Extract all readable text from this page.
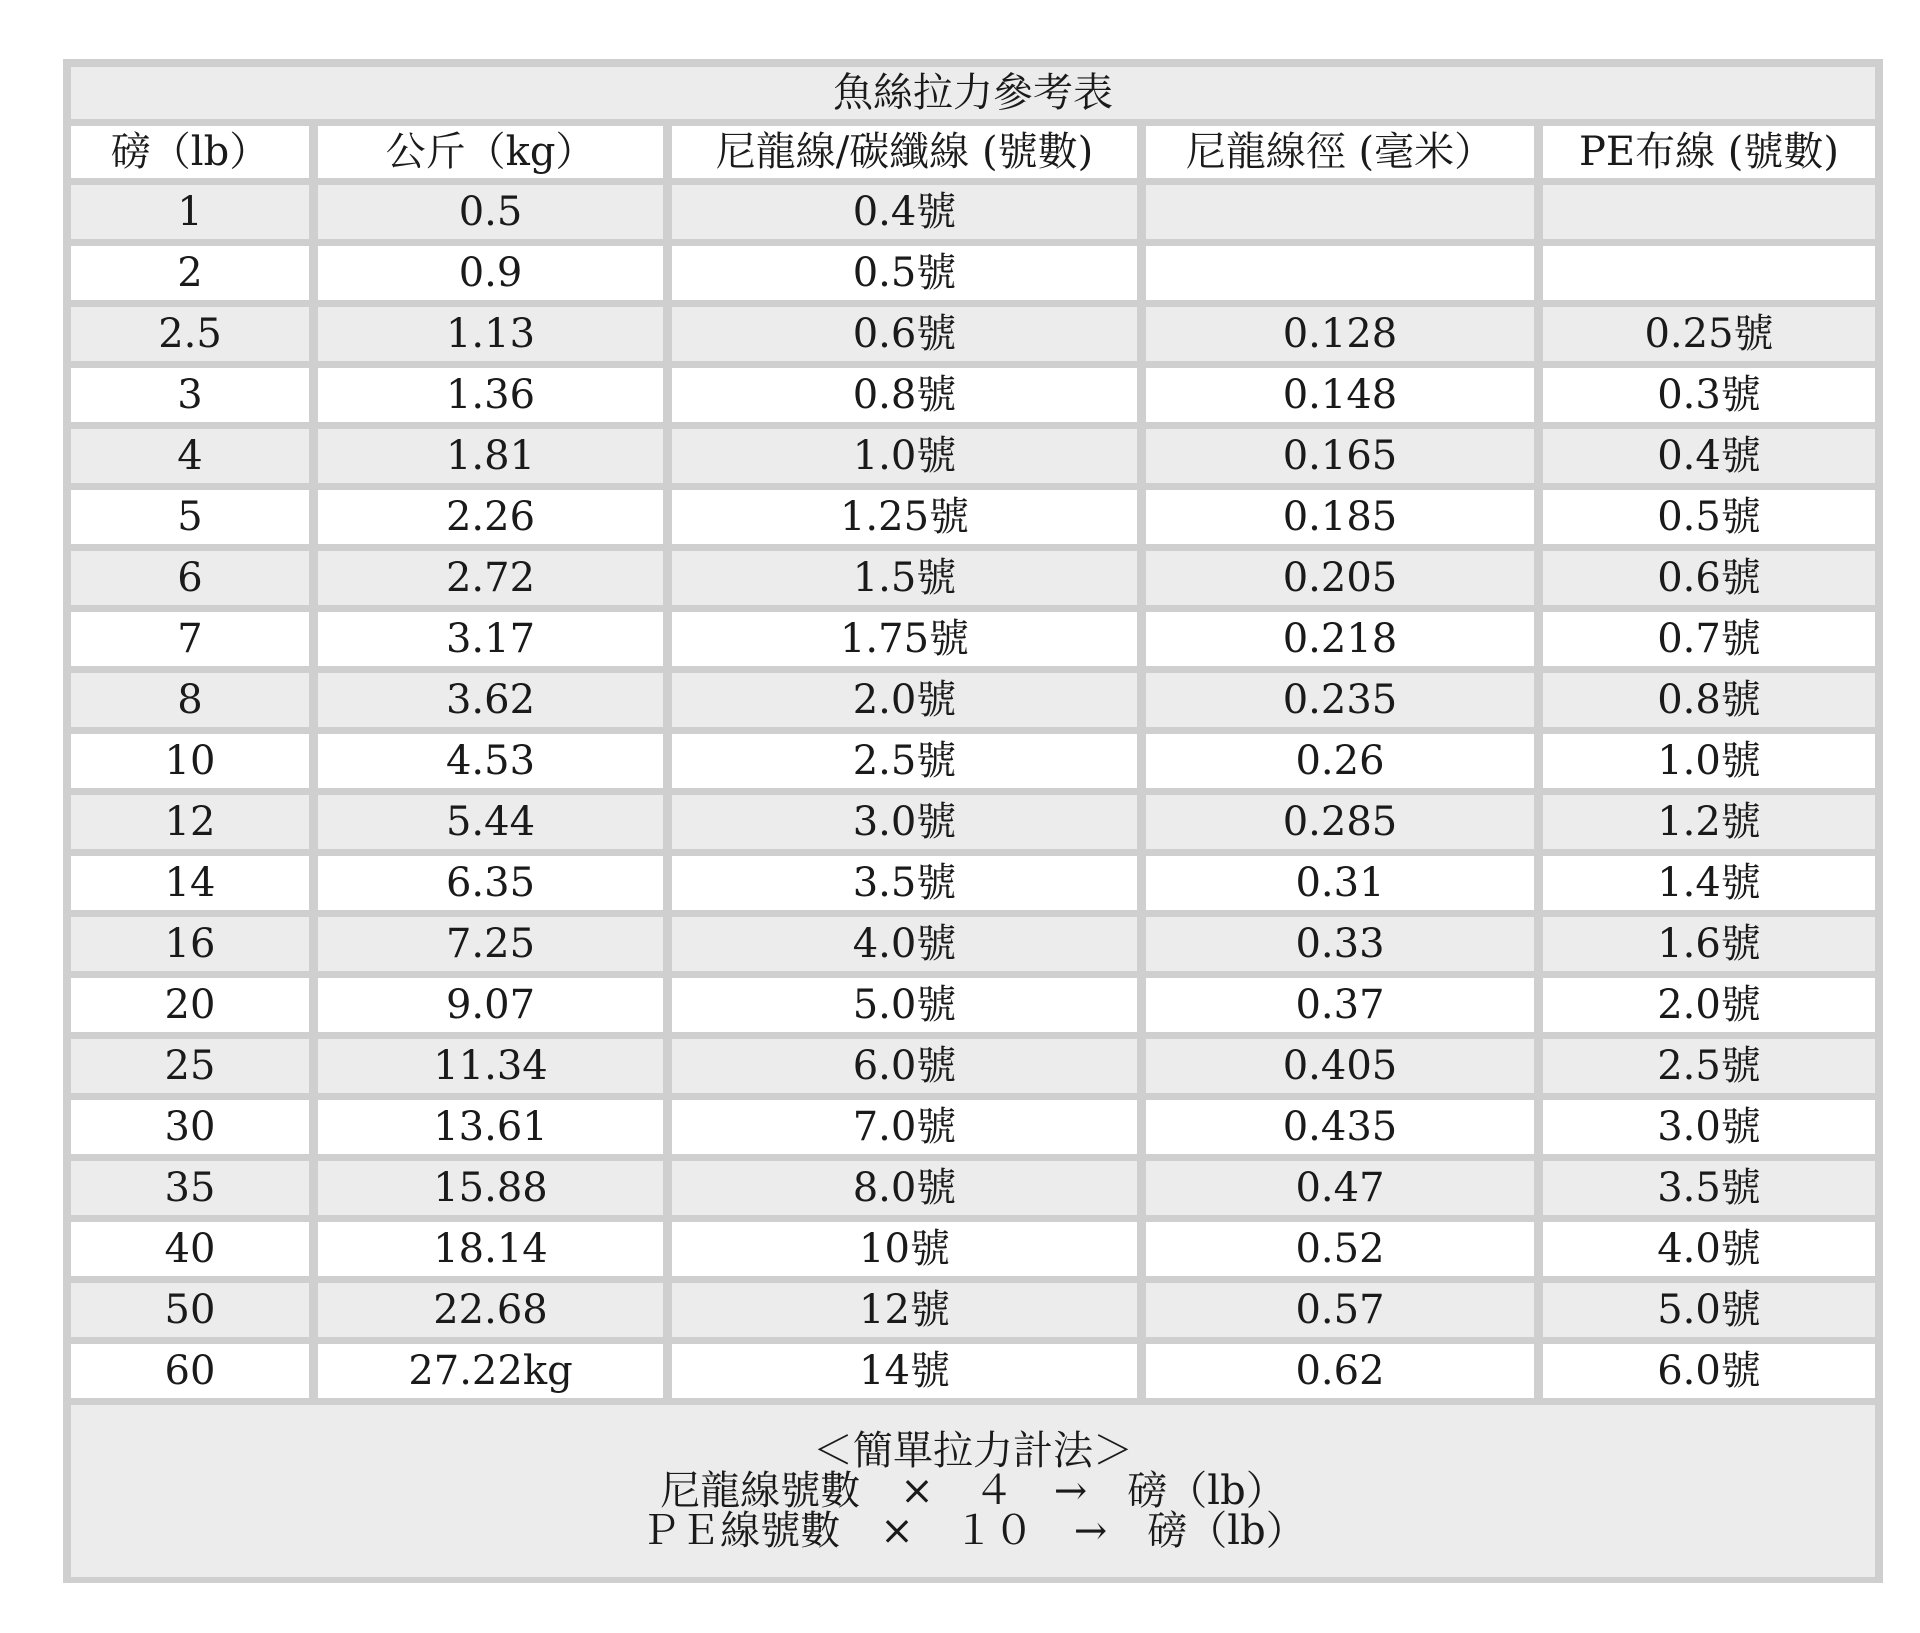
魚絲拉力參考表				
磅（lb）	公斤（kg）	尼龍線/碳纖線 (號數)	尼龍線徑 (毫米）	PE布線 (號數)
1	0.5	0.4號		
2	0.9	0.5號		
2.5	1.13	0.6號	0.128	0.25號
3	1.36	0.8號	0.148	0.3號
4	1.81	1.0號	0.165	0.4號
5	2.26	1.25號	0.185	0.5號
6	2.72	1.5號	0.205	0.6號
7	3.17	1.75號	0.218	0.7號
8	3.62	2.0號	0.235	0.8號
10	4.53	2.5號	0.26	1.0號
12	5.44	3.0號	0.285	1.2號
14	6.35	3.5號	0.31	1.4號
16	7.25	4.0號	0.33	1.6號
20	9.07	5.0號	0.37	2.0號
25	11.34	6.0號	0.405	2.5號
30	13.61	7.0號	0.435	3.0號
35	15.88	8.0號	0.47	3.5號
40	18.14	10號	0.52	4.0號
50	22.68	12號	0.57	5.0號
60	27.22kg	14號	0.62	6.0號

＜簡單拉力計法＞
尼龍線號數　×　４　→　磅（lb）
ＰＥ線號數　×　１０　→　磅（lb）				
